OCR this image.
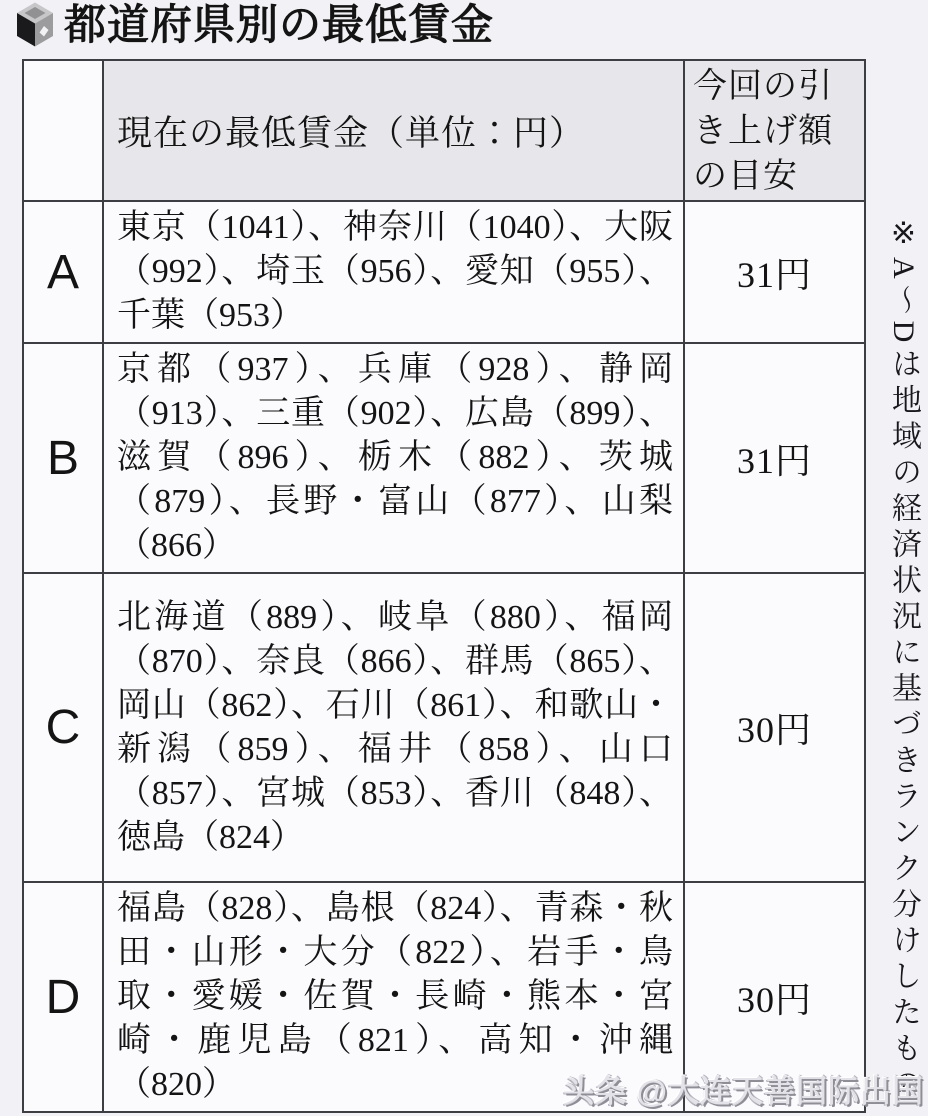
都道府県別の最低賃金
	現在の最低賃金（単位：円）	今回の引き上げ額の目安
A	東京（1041）、神奈川（1040）、大阪（992）、埼玉（956）、愛知（955）、千葉（953）	31円
B	京都（937）、兵庫（928）、静岡（913）、三重（902）、広島（899）、滋賀（896）、栃木（882）、茨城（879）、長野・富山（877）、山梨（866）	31円
C	北海道（889）、岐阜（880）、福岡（870）、奈良（866）、群馬（865）、岡山（862）、石川（861）、和歌山・新潟（859）、福井（858）、山口（857）、宮城（853）、香川（848）、徳島（824）	30円
D	福島（828）、島根（824）、青森・秋田・山形・大分（822）、岩手・鳥取・愛媛・佐賀・長崎・熊本・宮崎・鹿児島（821）、高知・沖縄（820）	30円	※A～Dは地域の経済状況に基づきランク分けしたもの
头条 @大连天善国际出国
